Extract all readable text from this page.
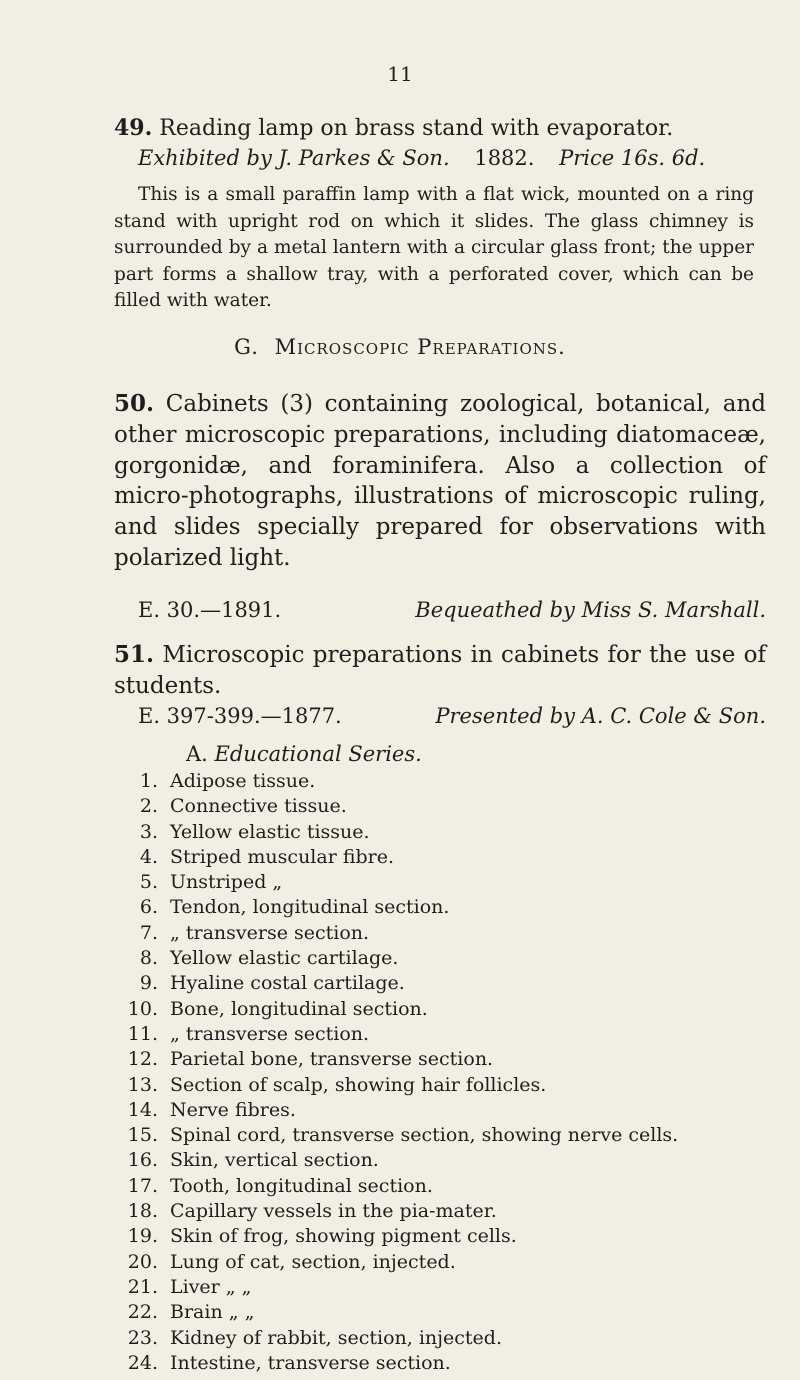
11
49. Reading lamp on brass stand with evaporator.
Exhibited by J. Parkes & Son. 1882. Price 16s. 6d.
This is a small paraffin lamp with a flat wick, mounted on a ring stand with upright rod on which it slides. The glass chimney is surrounded by a metal lantern with a circular glass front; the upper part forms a shallow tray, with a perforated cover, which can be filled with water.
G. Microscopic Preparations.
50. Cabinets (3) containing zoological, botanical, and other microscopic preparations, including diatomaceæ, gorgonidæ, and foraminifera. Also a collection of micro-photographs, illustrations of microscopic ruling, and slides specially prepared for observations with polarized light.
E. 30.—1891.	Bequeathed by Miss S. Marshall.
51. Microscopic preparations in cabinets for the use of students.
E. 397-399.—1877.	Presented by A. C. Cole & Son.
A. Educational Series.
1. Adipose tissue.
2. Connective tissue.
3. Yellow elastic tissue.
4. Striped muscular fibre.
5. Unstriped „
6. Tendon, longitudinal section.
7. „ transverse section.
8. Yellow elastic cartilage.
9. Hyaline costal cartilage.
10. Bone, longitudinal section.
11. „ transverse section.
12. Parietal bone, transverse section.
13. Section of scalp, showing hair follicles.
14. Nerve fibres.
15. Spinal cord, transverse section, showing nerve cells.
16. Skin, vertical section.
17. Tooth, longitudinal section.
18. Capillary vessels in the pia-mater.
19. Skin of frog, showing pigment cells.
20. Lung of cat, section, injected.
21. Liver „ „
22. Brain „ „
23. Kidney of rabbit, section, injected.
24. Intestine, transverse section.
